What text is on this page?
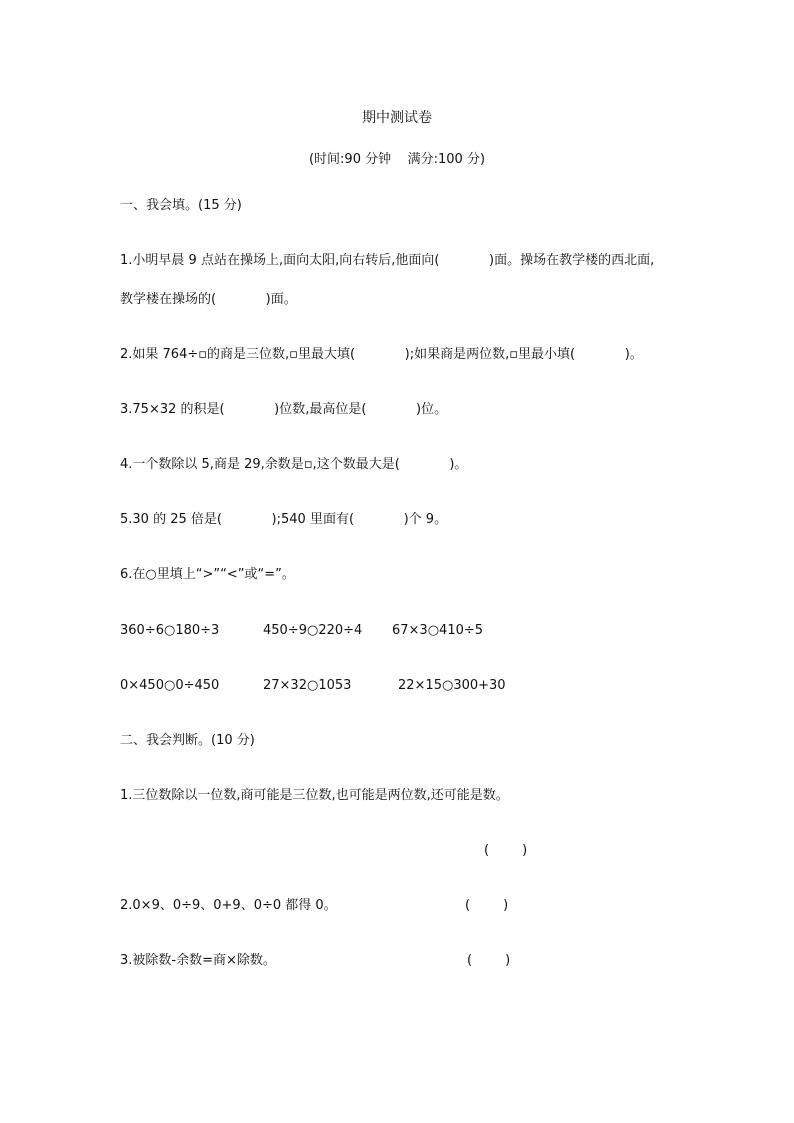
期中测试卷
(时间:90 分钟    满分:100 分)
一、我会填。(15 分)
1.小明早晨 9 点站在操场上,面向太阳,向右转后,他面向(            )面。操场在教学楼的西北面,
教学楼在操场的(            )面。
2.如果 764÷▫的商是三位数,▫里最大填(            );如果商是两位数,▫里最小填(            )。
3.75×32 的积是(            )位数,最高位是(            )位。
4.一个数除以 5,商是 29,余数是▫,这个数最大是(            )。
5.30 的 25 倍是(            );540 里面有(            )个 9。
6.在○里填上“>”“<”或“=”。
360÷6○180÷3	450÷9○220÷4 67×3○410÷5
0×450○0÷450	27×32○1053	22×15○300+30
二、我会判断。(10 分)
1.三位数除以一位数,商可能是三位数,也可能是两位数,还可能是数。
(        )
2.0×9、0÷9、0+9、0÷0 都得 0。	(        )
3.被除数-余数=商×除数。	(        )
